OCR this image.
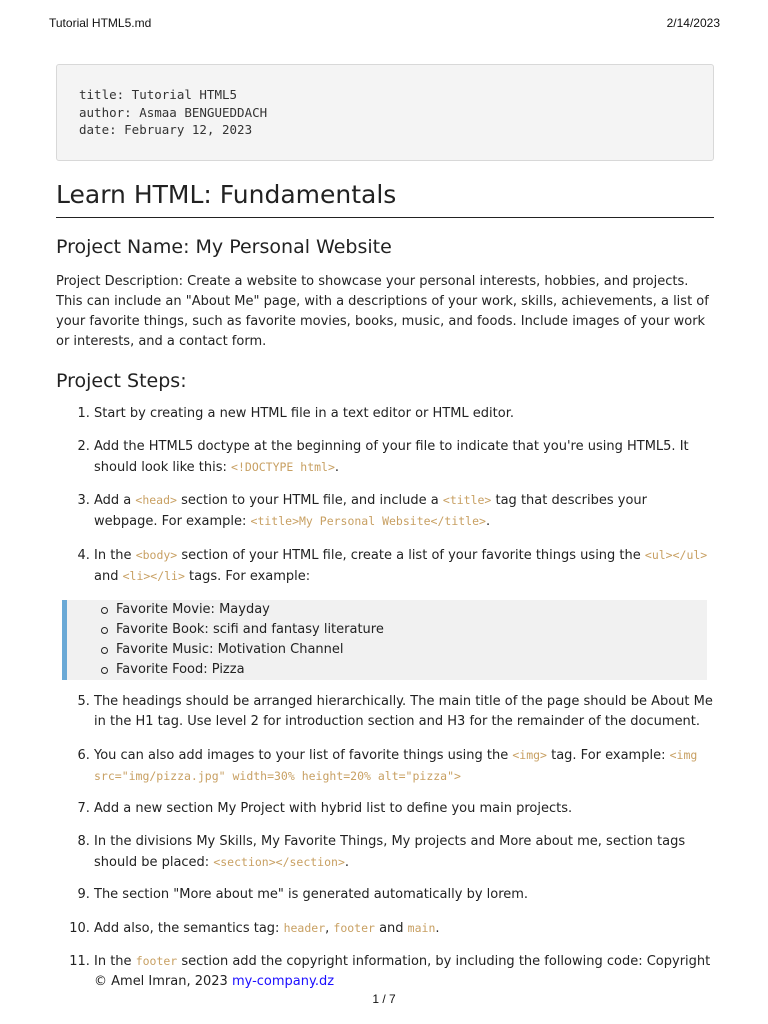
Tutorial HTML5.md	2/14/2023
title: Tutorial HTML5
author: Asmaa BENGUEDDACH
date: February 12, 2023
Learn HTML: Fundamentals
Project Name: My Personal Website

Project Description: Create a website to showcase your personal interests, hobbies, and projects. This can include an "About Me" page, with a descriptions of your work, skills, achievements, a list of your favorite things, such as favorite movies, books, music, and foods. Include images of your work or interests, and a contact form.

Project Steps:
1. Start by creating a new HTML file in a text editor or HTML editor.
2. Add the HTML5 doctype at the beginning of your file to indicate that you're using HTML5. It should look like this: <!DOCTYPE html>.
3. Add a <head> section to your HTML file, and include a <title> tag that describes your webpage. For example: <title>My Personal Website</title>.
4. In the <body> section of your HTML file, create a list of your favorite things using the <ul></ul> and <li></li> tags. For example:
Favorite Movie: Mayday
Favorite Book: scifi and fantasy literature
Favorite Music: Motivation Channel
Favorite Food: Pizza
5. The headings should be arranged hierarchically. The main title of the page should be About Me in the H1 tag. Use level 2 for introduction section and H3 for the remainder of the document.
6. You can also add images to your list of favorite things using the <img> tag. For example: <img src="img/pizza.jpg" width=30% height=20% alt="pizza">
7. Add a new section My Project with hybrid list to define you main projects.
8. In the divisions My Skills, My Favorite Things, My projects and More about me, section tags should be placed: <section></section>.
9. The section "More about me" is generated automatically by lorem.
10. Add also, the semantics tag: header, footer and main.
11. In the footer section add the copyright information, by including the following code: Copyright © Amel Imran, 2023 my-company.dz
1 / 7
